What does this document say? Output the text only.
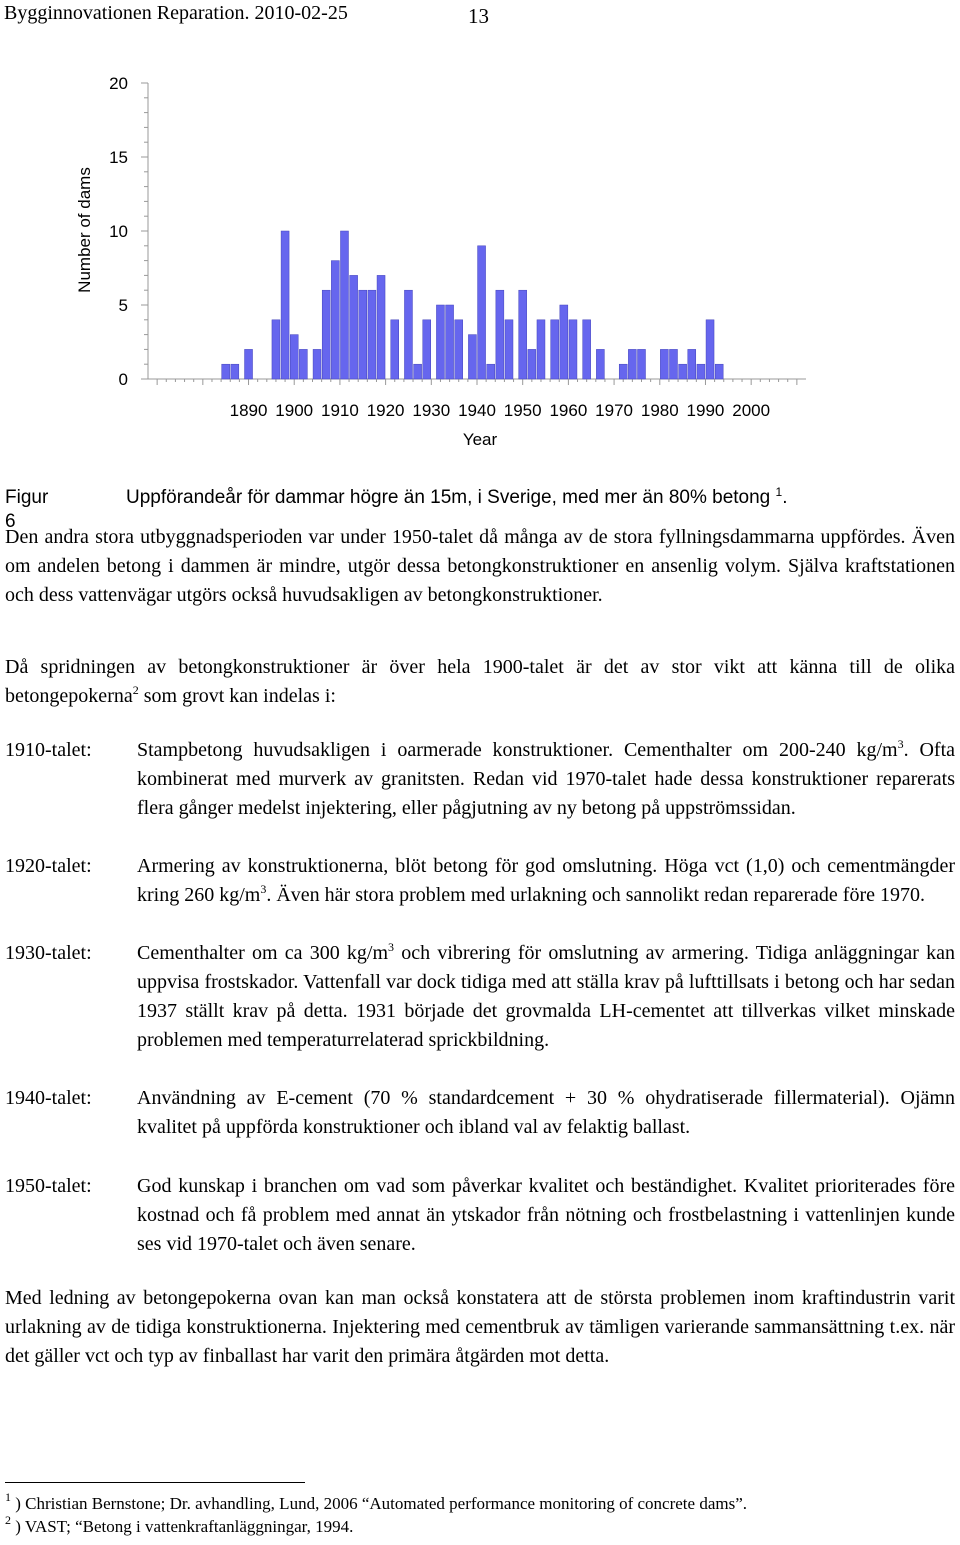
Bygginnovationen Reparation. 2010-02-25	13
0
5
10
15
20
1890 1900 1910 1920 1930 1940 1950 1960 1970 1980 1990 2000
Number of dams
Year
Figur 6
Uppförandeår för dammar högre än 15m, i Sverige, med mer än 80% betong $^1$.
Den andra stora utbyggnadsperioden var under 1950-talet då många av de stora fyllningsdammarna uppfördes. Även om andelen betong i dammen är mindre, utgör dessa betongkonstruktioner en ansenlig volym. Själva kraftstationen och dess vattenvägar utgörs också huvudsakligen av betongkonstruktioner.
Då spridningen av betongkonstruktioner är över hela 1900-talet är det av stor vikt att känna till de olika betongepokerna$^2$ som grovt kan indelas i:
1910-talet: Stampbetong huvudsakligen i oarmerade konstruktioner. Cementhalter om 200-240 $kg/m^3$. Ofta kombinerat med murverk av granitsten. Redan vid 1970-talet hade dessa konstruktioner reparerats flera gånger medelst injektering, eller pågjutning av ny betong på uppströmssidan.
1920-talet: Armering av konstruktionerna, blöt betong för god omslutning. Höga vct (1,0) och cementmängder kring 260 $kg/m^3$. Även här stora problem med urlakning och sannolikt redan reparerade före 1970.
1930-talet: Cementhalter om ca 300 $kg/m^3$ och vibrering för omslutning av armering. Tidiga anläggningar kan uppvisa frostskador. Vattenfall var dock tidiga med att ställa krav på lufttillsats i betong och har sedan 1937 ställt krav på detta. 1931 började det grovmalda LH-cementet att tillverkas vilket minskade problemen med temperaturrelaterad sprickbildning.
1940-talet: Användning av E-cement (70 % standardcement + 30 % ohydratiserade fillermaterial). Ojämn kvalitet på uppförda konstruktioner och ibland val av felaktig ballast.
1950-talet: God kunskap i branchen om vad som påverkar kvalitet och beständighet. Kvalitet prioriterades före kostnad och få problem med annat än ytskador från nötning och frostbelastning i vattenlinjen kunde ses vid 1970-talet och även senare.
Med ledning av betongepokerna ovan kan man också konstatera att de största problemen inom kraftindustrin varit urlakning av de tidiga konstruktionerna. Injektering med cementbruk av tämligen varierande sammansättning t.ex. när det gäller vct och typ av finballast har varit den primära åtgärden mot detta.
$^1$ ) Christian Bernstone; Dr. avhandling, Lund, 2006 “Automated performance monitoring of concrete dams”.
$^2$ ) VAST; “Betong i vattenkraftanläggningar, 1994.
